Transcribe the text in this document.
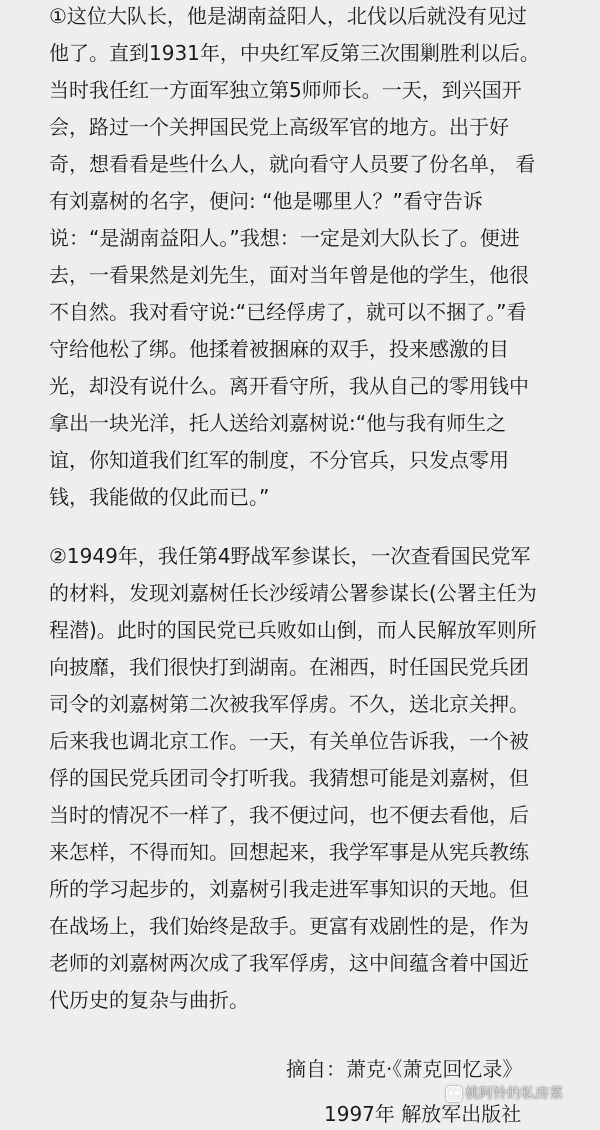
①这位大队长，他是湖南益阳人，北伐以后就没有见过
他了。直到1931年，中央红军反第三次围剿胜利以后。
当时我任红一方面军独立第5师师长。一天，到兴国开
会，路过一个关押国民党上高级军官的地方。出于好
奇，想看看是些什么人，就向看守人员要了份名单， 看
有刘嘉树的名字，便问: “他是哪里人？”看守告诉
说：“是湖南益阳人。”我想：一定是刘大队长了。便进
去，一看果然是刘先生，面对当年曾是他的学生，他很
不自然。我对看守说:“已经俘虏了，就可以不捆了。”看
守给他松了绑。他揉着被捆麻的双手，投来感激的目
光，却没有说什么。离开看守所，我从自己的零用钱中
拿出一块光洋，托人送给刘嘉树说:“他与我有师生之
谊，你知道我们红军的制度，不分官兵，只发点零用
钱，我能做的仅此而已。”

②1949年，我任第4野战军参谋长，一次查看国民党军
的材料，发现刘嘉树任长沙绥靖公署参谋长(公署主任为
程潜)。此时的国民党已兵败如山倒，而人民解放军则所
向披靡，我们很快打到湖南。在湘西，时任国民党兵团
司令的刘嘉树第二次被我军俘虏。不久，送北京关押。
后来我也调北京工作。一天，有关单位告诉我，一个被
俘的国民党兵团司令打听我。我猜想可能是刘嘉树，但
当时的情况不一样了，我不便过问，也不便去看他，后
来怎样，不得而知。回想起来，我学军事是从宪兵教练
所的学习起步的，刘嘉树引我走进军事知识的天地。但
在战场上，我们始终是敌手。更富有戏剧性的是，作为
老师的刘嘉树两次成了我军俘虏，这中间蕴含着中国近
代历史的复杂与曲折。

摘自：萧克·《萧克回忆录》
1997年 解放军出版社
桃阿铃的私房菜
